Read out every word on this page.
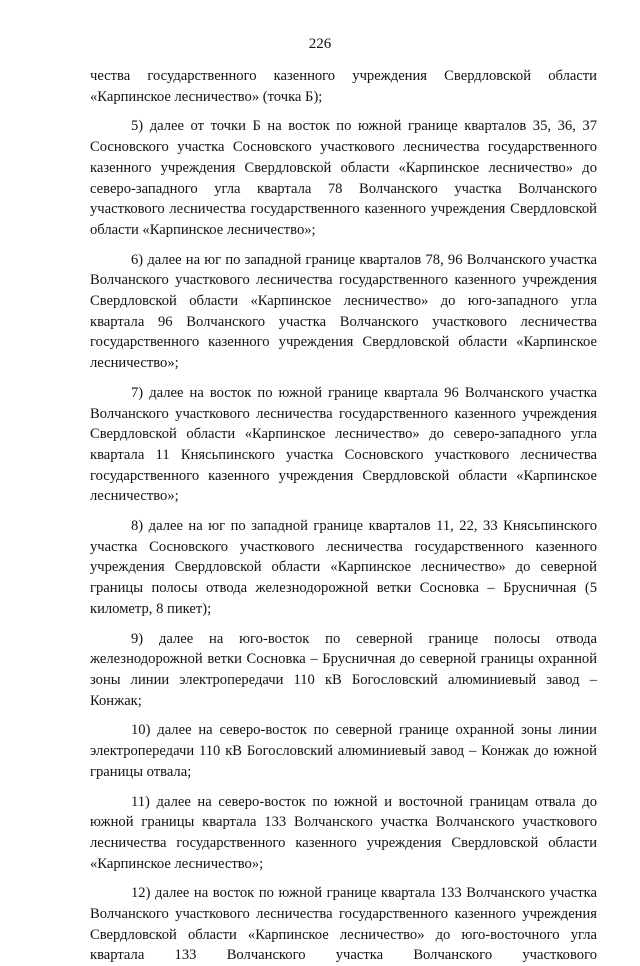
226

чества государственного казенного учреждения Свердловской области «Карпинское лесничество» (точка Б);

5) далее от точки Б на восток по южной границе кварталов 35, 36, 37 Сосновского участка Сосновского участкового лесничества государственного казенного учреждения Свердловской области «Карпинское лесничество» до северо-западного угла квартала 78 Волчанского участка Волчанского участкового лесничества государственного казенного учреждения Свердловской области «Карпинское лесничество»;

6) далее на юг по западной границе кварталов 78, 96 Волчанского участка Волчанского участкового лесничества государственного казенного учреждения Свердловской области «Карпинское лесничество» до юго-западного угла квартала 96 Волчанского участка Волчанского участкового лесничества государственного казенного учреждения Свердловской области «Карпинское лесничество»;

7) далее на восток по южной границе квартала 96 Волчанского участка Волчанского участкового лесничества государственного казенного учреждения Свердловской области «Карпинское лесничество» до северо-западного угла квартала 11 Княсьпинского участка Сосновского участкового лесничества государственного казенного учреждения Свердловской области «Карпинское лесничество»;

8) далее на юг по западной границе кварталов 11, 22, 33 Княсьпинского участка Сосновского участкового лесничества государственного казенного учреждения Свердловской области «Карпинское лесничество» до северной границы полосы отвода железнодорожной ветки Сосновка – Брусничная (5 километр, 8 пикет);

9) далее на юго-восток по северной границе полосы отвода железнодорожной ветки Сосновка – Брусничная до северной границы охранной зоны линии электропередачи 110 кВ Богословский алюминиевый завод – Конжак;

10) далее на северо-восток по северной границе охранной зоны линии электропередачи 110 кВ Богословский алюминиевый завод – Конжак до южной границы отвала;

11) далее на северо-восток по южной и восточной границам отвала до южной границы квартала 133 Волчанского участка Волчанского участкового лесничества государственного казенного учреждения Свердловской области «Карпинское лесничество»;

12) далее на восток по южной границе квартала 133 Волчанского участка Волчанского участкового лесничества государственного казенного учреждения Свердловской области «Карпинское лесничество» до юго-восточного угла квартала 133 Волчанского участка Волчанского участкового
